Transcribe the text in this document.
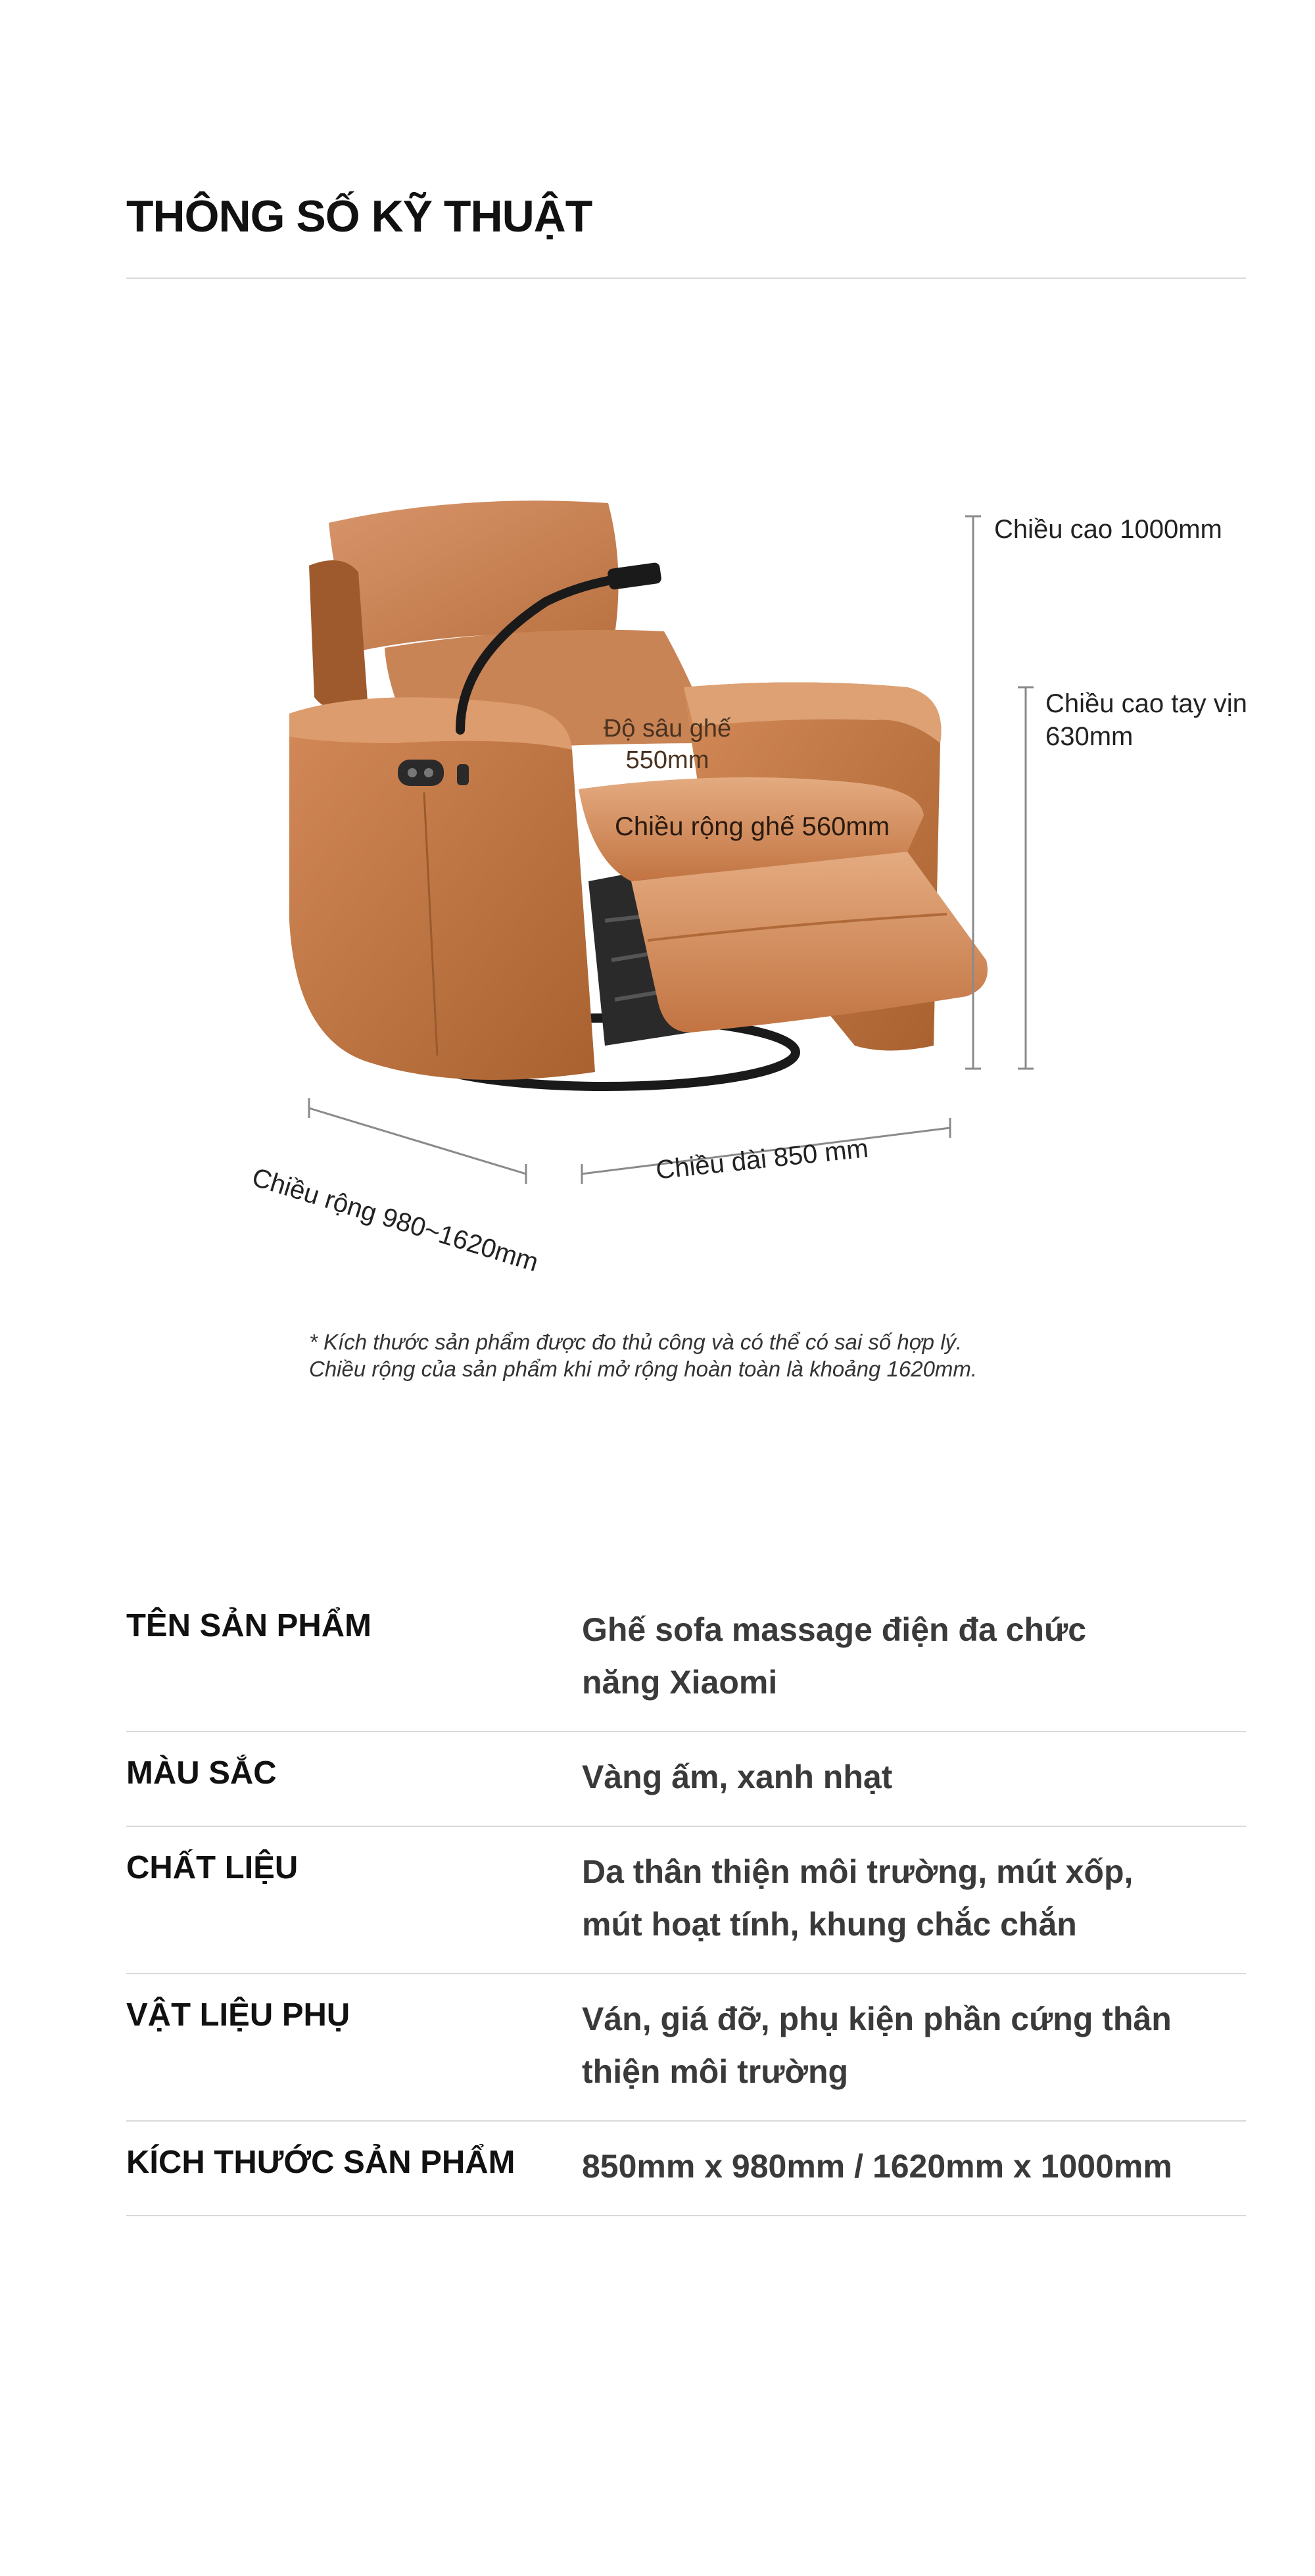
THÔNG SỐ KỸ THUẬT
Chiều cao 1000mm
Chiều cao tay vịn 630mm
Độ sâu ghế 550mm
Chiều rộng ghế 560mm
Chiều rộng 980~1620mm
Chiều dài 850 mm
* Kích thước sản phẩm được đo thủ công và có thể có sai số hợp lý.
Chiều rộng của sản phẩm khi mở rộng hoàn toàn là khoảng 1620mm.
TÊN SẢN PHẨM	Ghế sofa massage điện đa chức năng Xiaomi
MÀU SẮC	Vàng ấm, xanh nhạt
CHẤT LIỆU	Da thân thiện môi trường, mút xốp, mút hoạt tính, khung chắc chắn
VẬT LIỆU PHỤ	Ván, giá đỡ, phụ kiện phần cứng thân thiện môi trường
KÍCH THƯỚC SẢN PHẨM	850mm x 980mm / 1620mm x 1000mm
